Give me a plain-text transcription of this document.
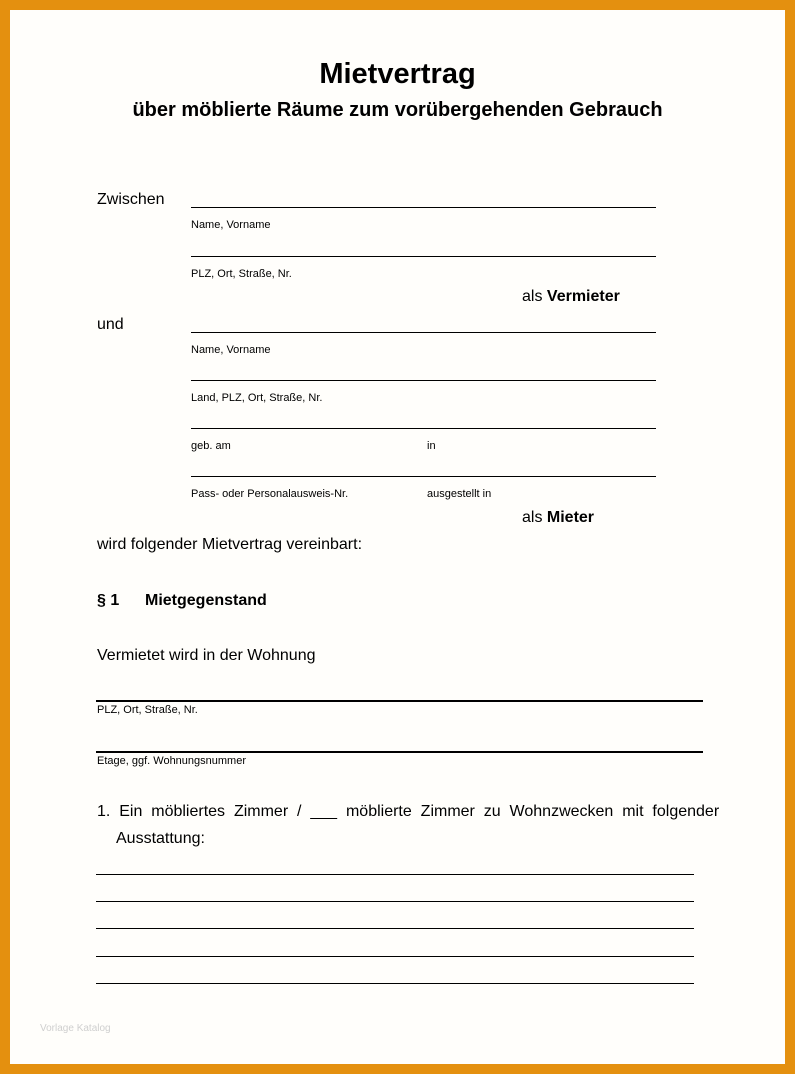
Mietvertrag
über möblierte Räume zum vorübergehenden Gebrauch
Zwischen
Name, Vorname
PLZ, Ort, Straße, Nr.
als Vermieter
und
Name, Vorname
Land, PLZ, Ort, Straße, Nr.
geb. am	in
Pass- oder Personalausweis-Nr.	ausgestellt in
als Mieter
wird folgender Mietvertrag vereinbart:
§ 1 Mietgegenstand
Vermietet wird in der Wohnung
PLZ, Ort, Straße, Nr.
Etage, ggf. Wohnungsnummer
1.  Ein  möbliertes  Zimmer  /  ___  möblierte  Zimmer  zu  Wohnzwecken  mit  folgender
Ausstattung:
Vorlage Katalog
